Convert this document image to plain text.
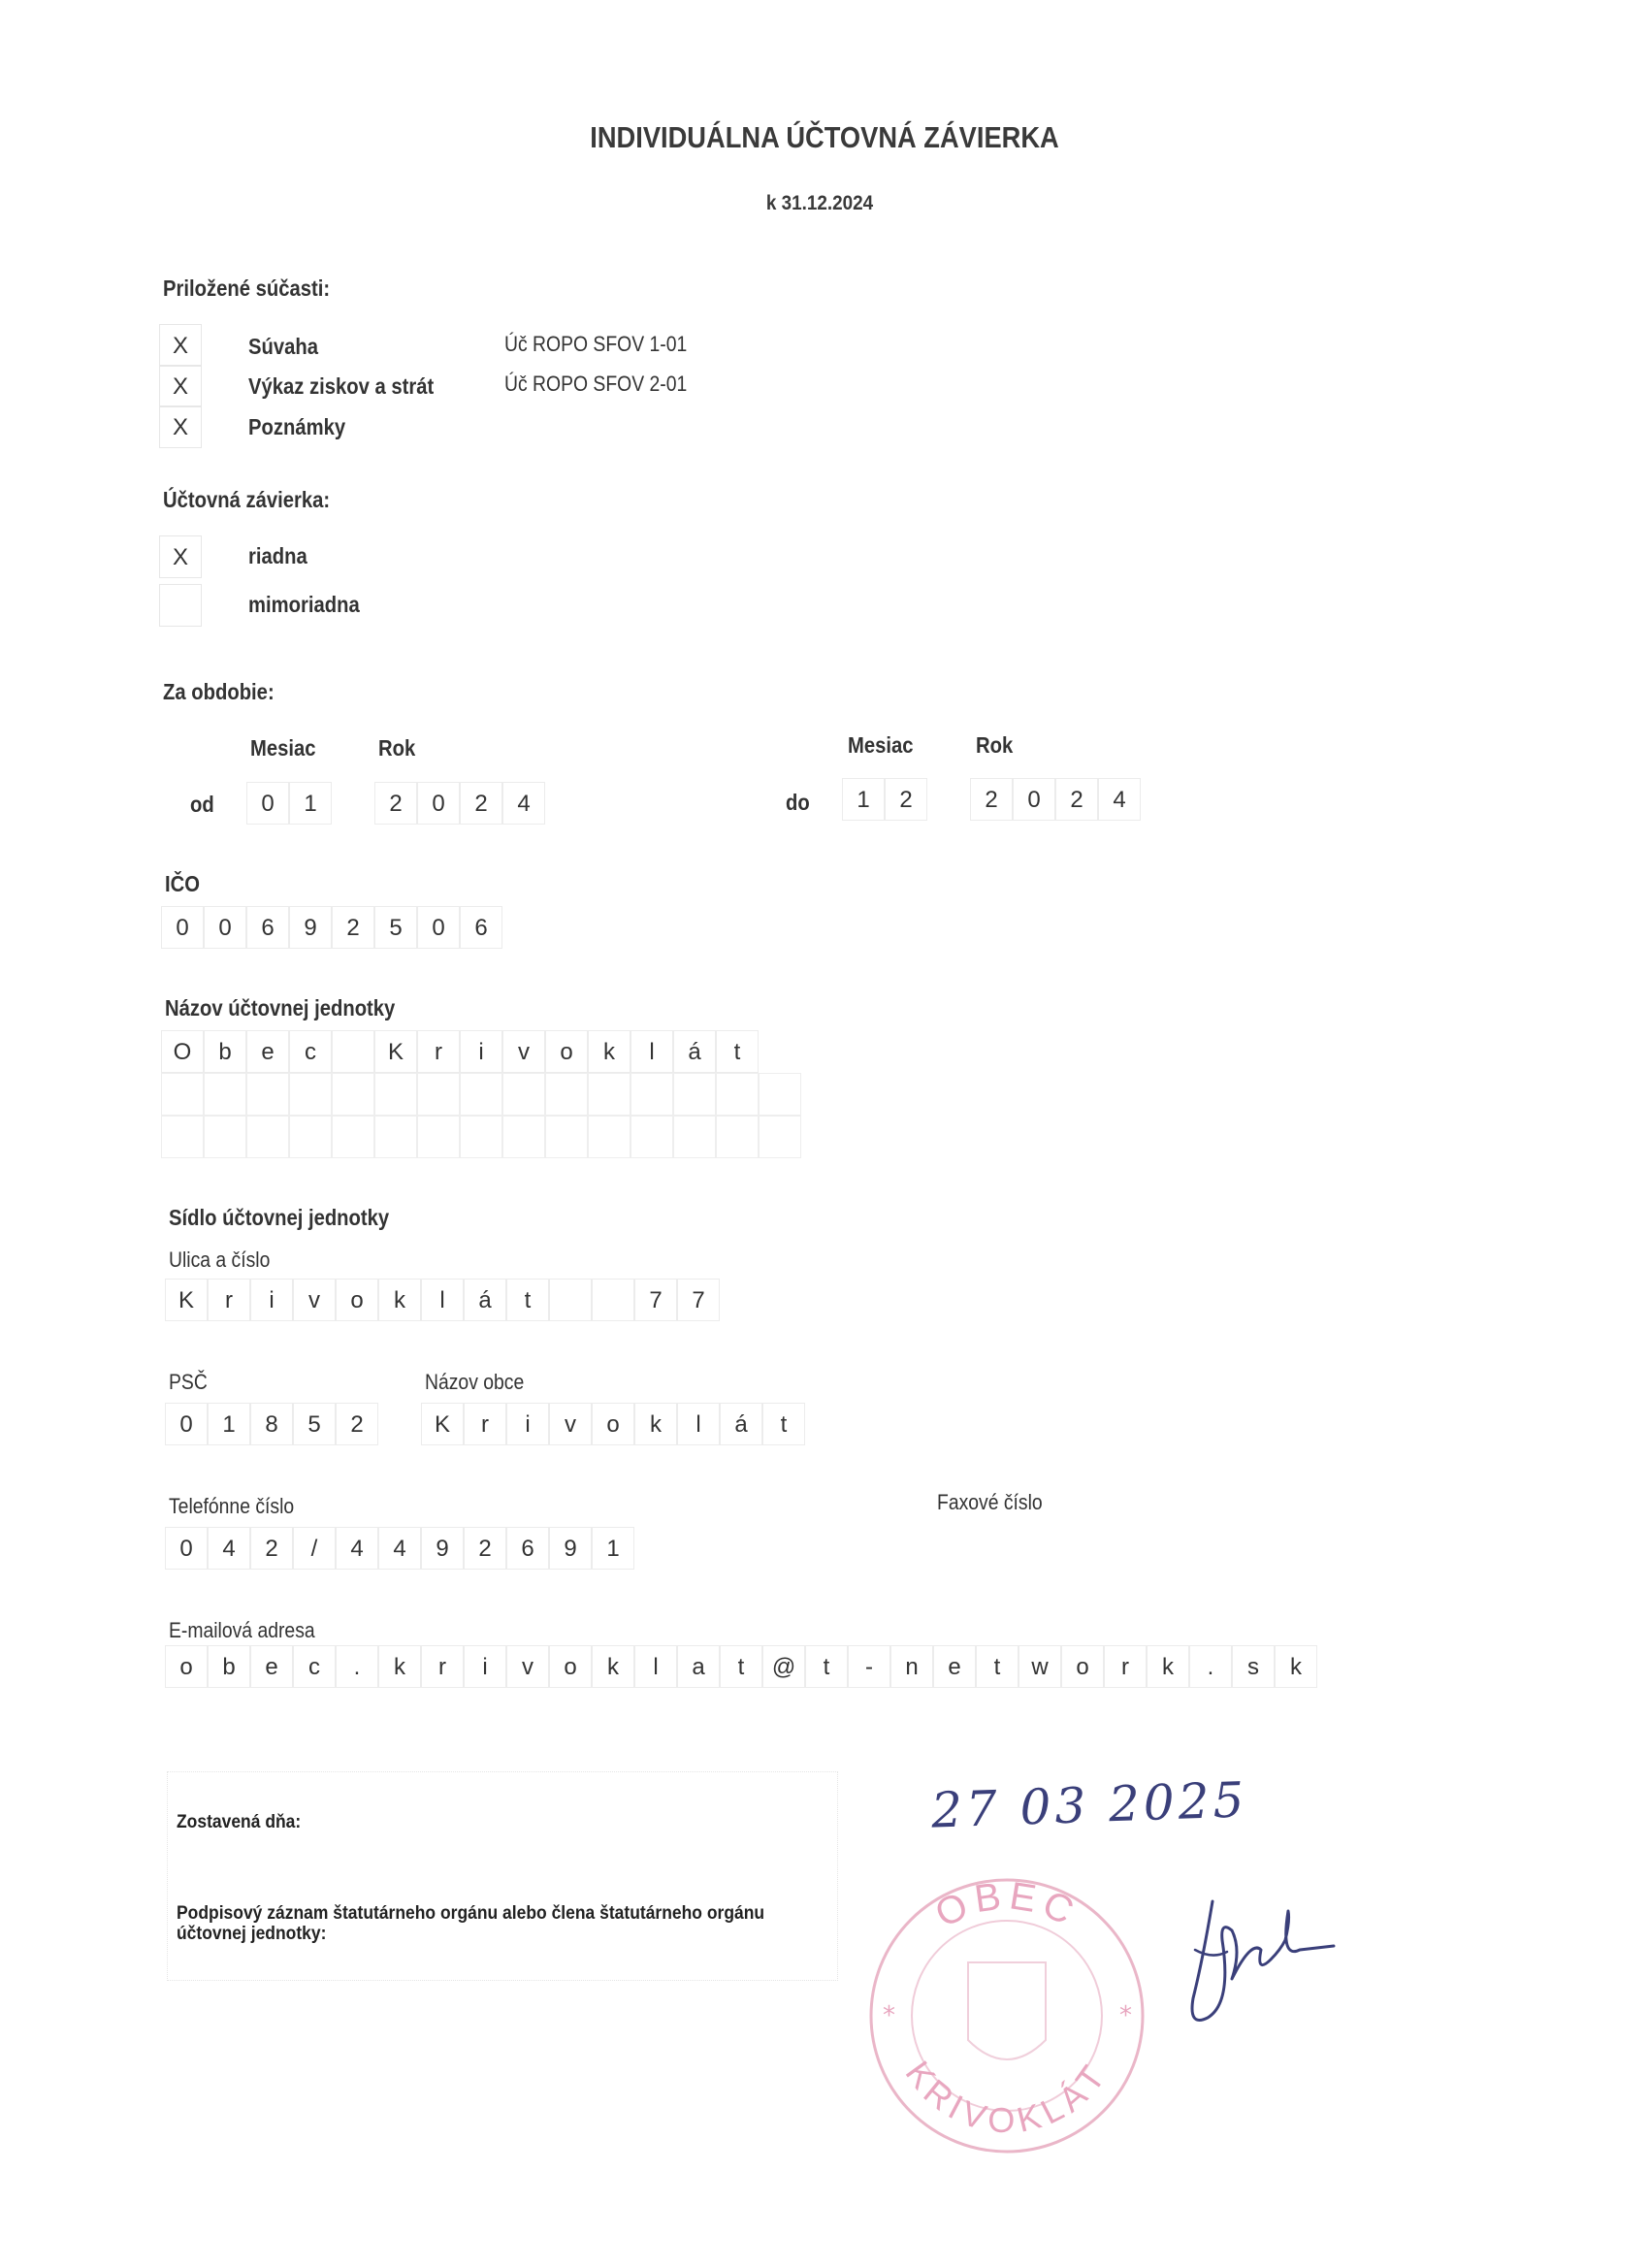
INDIVIDUÁLNA ÚČTOVNÁ ZÁVIERKA
k 31.12.2024
Priložené súčasti:
X	Súvaha	Úč ROPO SFOV 1-01
X	Výkaz ziskov a strát	Úč ROPO SFOV 2-01
X	Poznámky
Účtovná závierka:
X	riadna
mimoriadna
Za obdobie:
Mesiac	Rok	Mesiac	Rok
od	0	1	2	0	2	4	do	1	2	2	0	2	4
IČO
0	0	6	9	2	5	0	6
Názov účtovnej jednotky
O	b	e	c	K	r	i	v	o	k	l	á	t
Sídlo účtovnej jednotky
Ulica a číslo
K	r	i	v	o	k	l	á	t	7	7
PSČ
0	1	8	5	2
Názov obce
K	r	i	v	o	k	l	á	t
Telefónne číslo	Faxové číslo
0	4	2	/	4	4	9	2	6	9	1
E-mailová adresa
o	b	e	c	.	k	r	i	v	o	k	l	a	t	@	t	-	n	e	t	w	o	r	k	.	s	k
Zostavená dňa:
Podpisový záznam štatutárneho orgánu alebo člena štatutárneho orgánu účtovnej jednotky:
27 03 2025
OBEC
KRIVOKLÁT
*	*
